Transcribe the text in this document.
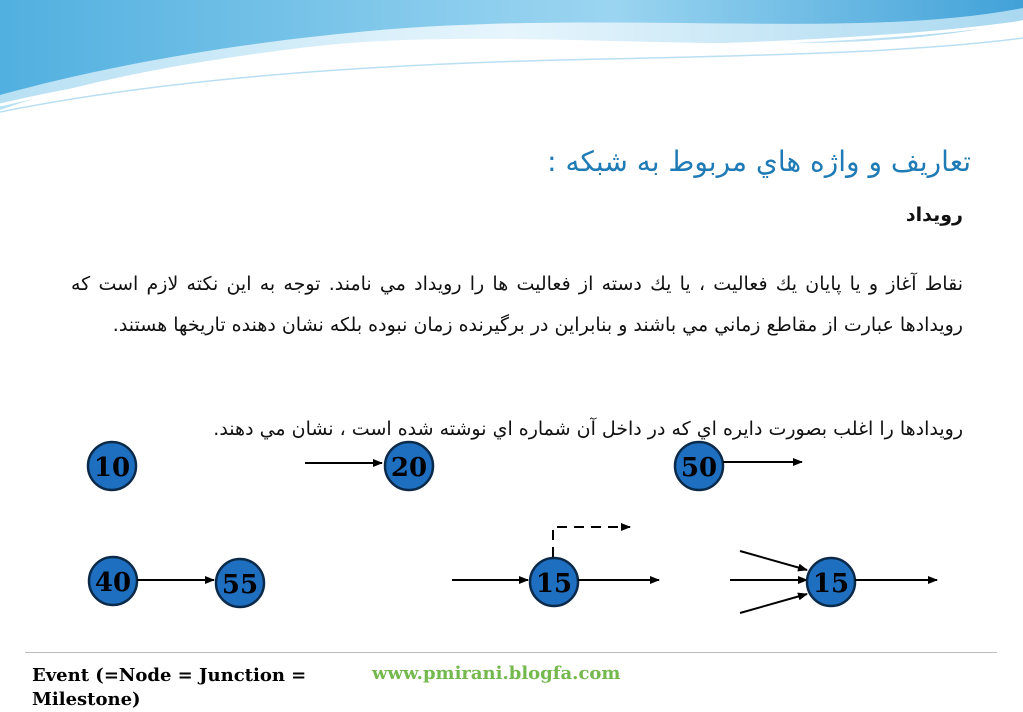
تعاريف و واژه هاي مربوط به شبكه :
رويداد
نقاط آغاز و يا پايان يك فعاليت ، يا يك دسته از فعاليت ها را رويداد مي نامند. توجه به اين نكته لازم است كه رويدادها عبارت از مقاطع زماني مي باشند و بنابراين در برگيرنده زمان نبوده بلكه نشان دهنده تاريخها هستند.
رويدادها را اغلب بصورت دايره اي كه در داخل آن شماره اي نوشته شده است ، نشان مي دهند.
10	20	50
40	55	15	15
Event (=Node = Junction = Milestone)
www.pmirani.blogfa.com
